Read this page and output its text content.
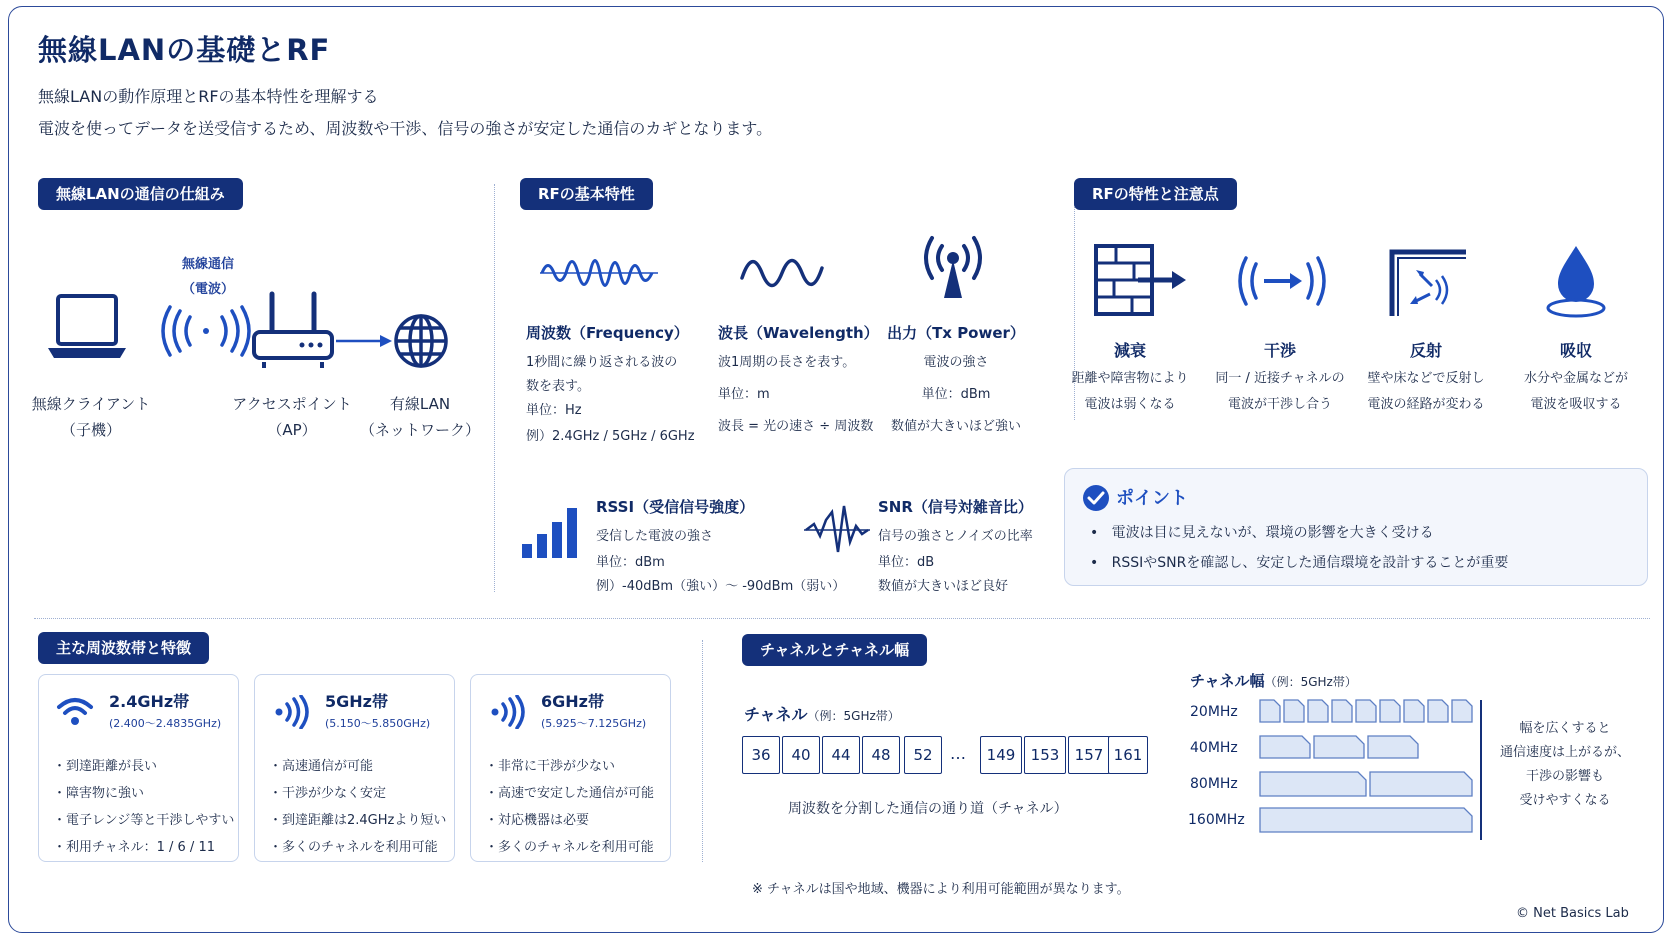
無線LANの基礎とRF
無線LANの動作原理とRFの基本特性を理解する
電波を使ってデータを送受信するため、周波数や干渉、信号の強さが安定した通信のカギとなります。
無線LANの通信の仕組み
無線通信
（電波）
無線クライアント
（子機）
アクセスポイント
（AP）
有線LAN
（ネットワーク）
RFの基本特性
周波数（Frequency）
1秒間に繰り返される波の
数を表す。
単位：Hz
例）2.4GHz / 5GHz / 6GHz
波長（Wavelength）
波1周期の長さを表す。
単位：m
波長 = 光の速さ ÷ 周波数
出力（Tx Power）
電波の強さ
単位：dBm
数値が大きいほど強い
RSSI（受信信号強度）
受信した電波の強さ
単位：dBm
例）-40dBm（強い）～ -90dBm（弱い）
SNR（信号対雑音比）
信号の強さとノイズの比率
単位：dB
数値が大きいほど良好
RFの特性と注意点
減衰
距離や障害物により
電波は弱くなる
干渉
同一 / 近接チャネルの
電波が干渉し合う
反射
壁や床などで反射し
電波の経路が変わる
吸収
水分や金属などが
電波を吸収する
ポイント
•   電波は目に見えないが、環境の影響を大きく受ける
•   RSSIやSNRを確認し、安定した通信環境を設計することが重要
主な周波数帯と特徴
2.4GHz帯
(2.400～2.4835GHz)
・到達距離が長い
・障害物に強い
・電子レンジ等と干渉しやすい
・利用チャネル：1 / 6 / 11
5GHz帯
(5.150～5.850GHz)
・高速通信が可能
・干渉が少なく安定
・到達距離は2.4GHzより短い
・多くのチャネルを利用可能
6GHz帯
(5.925～7.125GHz)
・非常に干渉が少ない
・高速で安定した通信が可能
・対応機器は必要
・多くのチャネルを利用可能
チャネルとチャネル幅
チャネル（例：5GHz帯）
36	40	44	48	52	…	149	153	157 161
周波数を分割した通信の通り道（チャネル）
チャネル幅（例：5GHz帯）
20MHz
40MHz
80MHz
160MHz
幅を広くすると
通信速度は上がるが、
干渉の影響も
受けやすくなる
※ チャネルは国や地域、機器により利用可能範囲が異なります。
© Net Basics Lab
